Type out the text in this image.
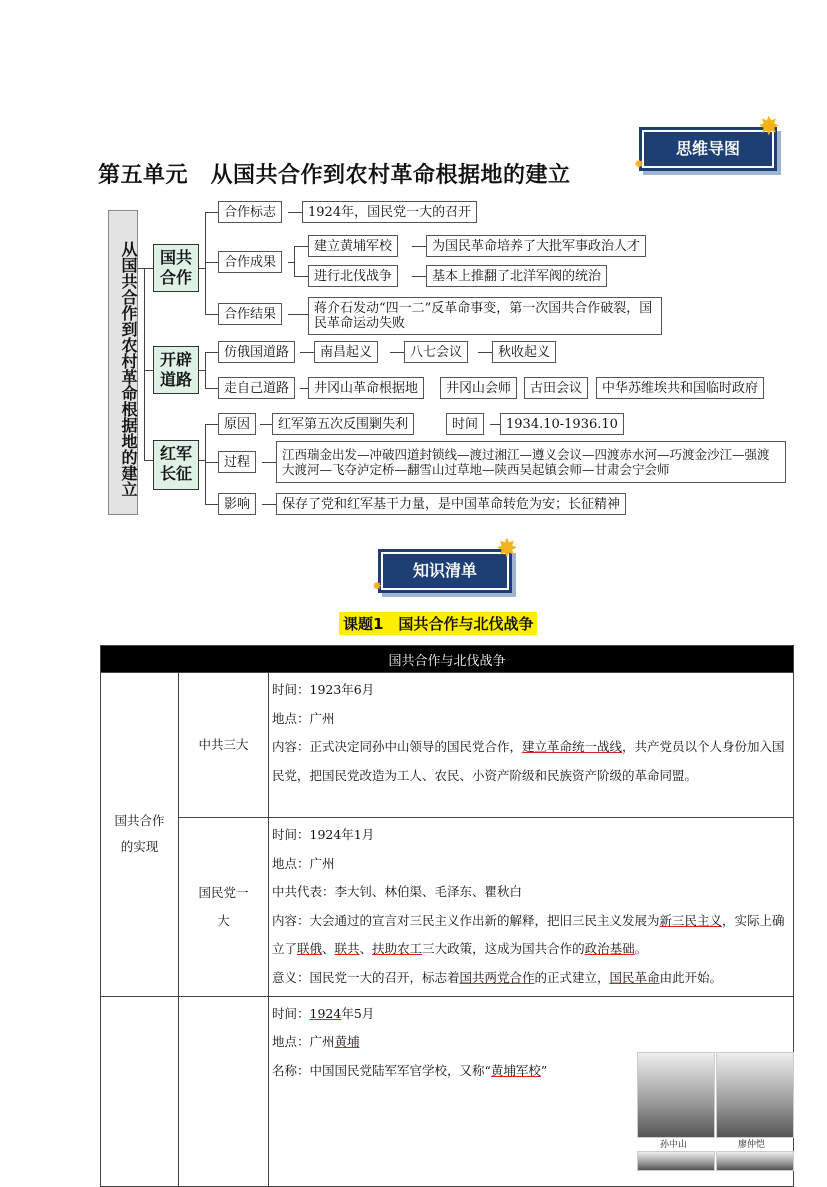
思维导图
✸
✸
第五单元　从国共合作到农村革命根据地的建立
从国共合作到农村革命根据地的建立	国共合作
开辟道路
红军长征
合作标志	1924年，国民党一大的召开
合作成果
建立黄埔军校	为国民革命培养了大批军事政治人才
进行北伐战争	基本上推翻了北洋军阀的统治
合作结果	蒋介石发动“四一二”反革命事变，第一次国共合作破裂，国民革命运动失败
仿俄国道路	南昌起义	八七会议	秋收起义
走自己道路	井冈山革命根据地	井冈山会师	古田会议	中华苏维埃共和国临时政府
原因	红军第五次反围剿失利	时间	1934.10-1936.10
过程	江西瑞金出发—冲破四道封锁线—渡过湘江—遵义会议—四渡赤水河—巧渡金沙江—强渡大渡河—飞夺泸定桥—翻雪山过草地—陕西吴起镇会师—甘肃会宁会师
影响	保存了党和红军基干力量，是中国革命转危为安；长征精神
知识清单
✸
✸
课题1　国共合作与北伐战争
国共合作与北伐战争		
国共合作的实现	中共三大	时间：1923年6月
地点：广州
内容：正式决定同孙中山领导的国民党合作，建立革命统一战线，共产党员以个人身份加入国民党，把国民党改造为工人、农民、小资产阶级和民族资产阶级的革命同盟。

	国民党一大	时间：1924年1月
地点：广州
中共代表：李大钊、林伯渠、毛泽东、瞿秋白
内容：大会通过的宣言对三民主义作出新的解释，把旧三民主义发展为新三民主义，实际上确立了联俄、联共、扶助农工三大政策，这成为国共合作的政治基础。
意义：国民党一大的召开，标志着国共两党合作的正式建立，国民革命由此开始。

		时间：1924年5月
地点：广州黄埔
名称：中国国民党陆军军官学校，又称“黄埔军校”
孙中山	廖仲恺
